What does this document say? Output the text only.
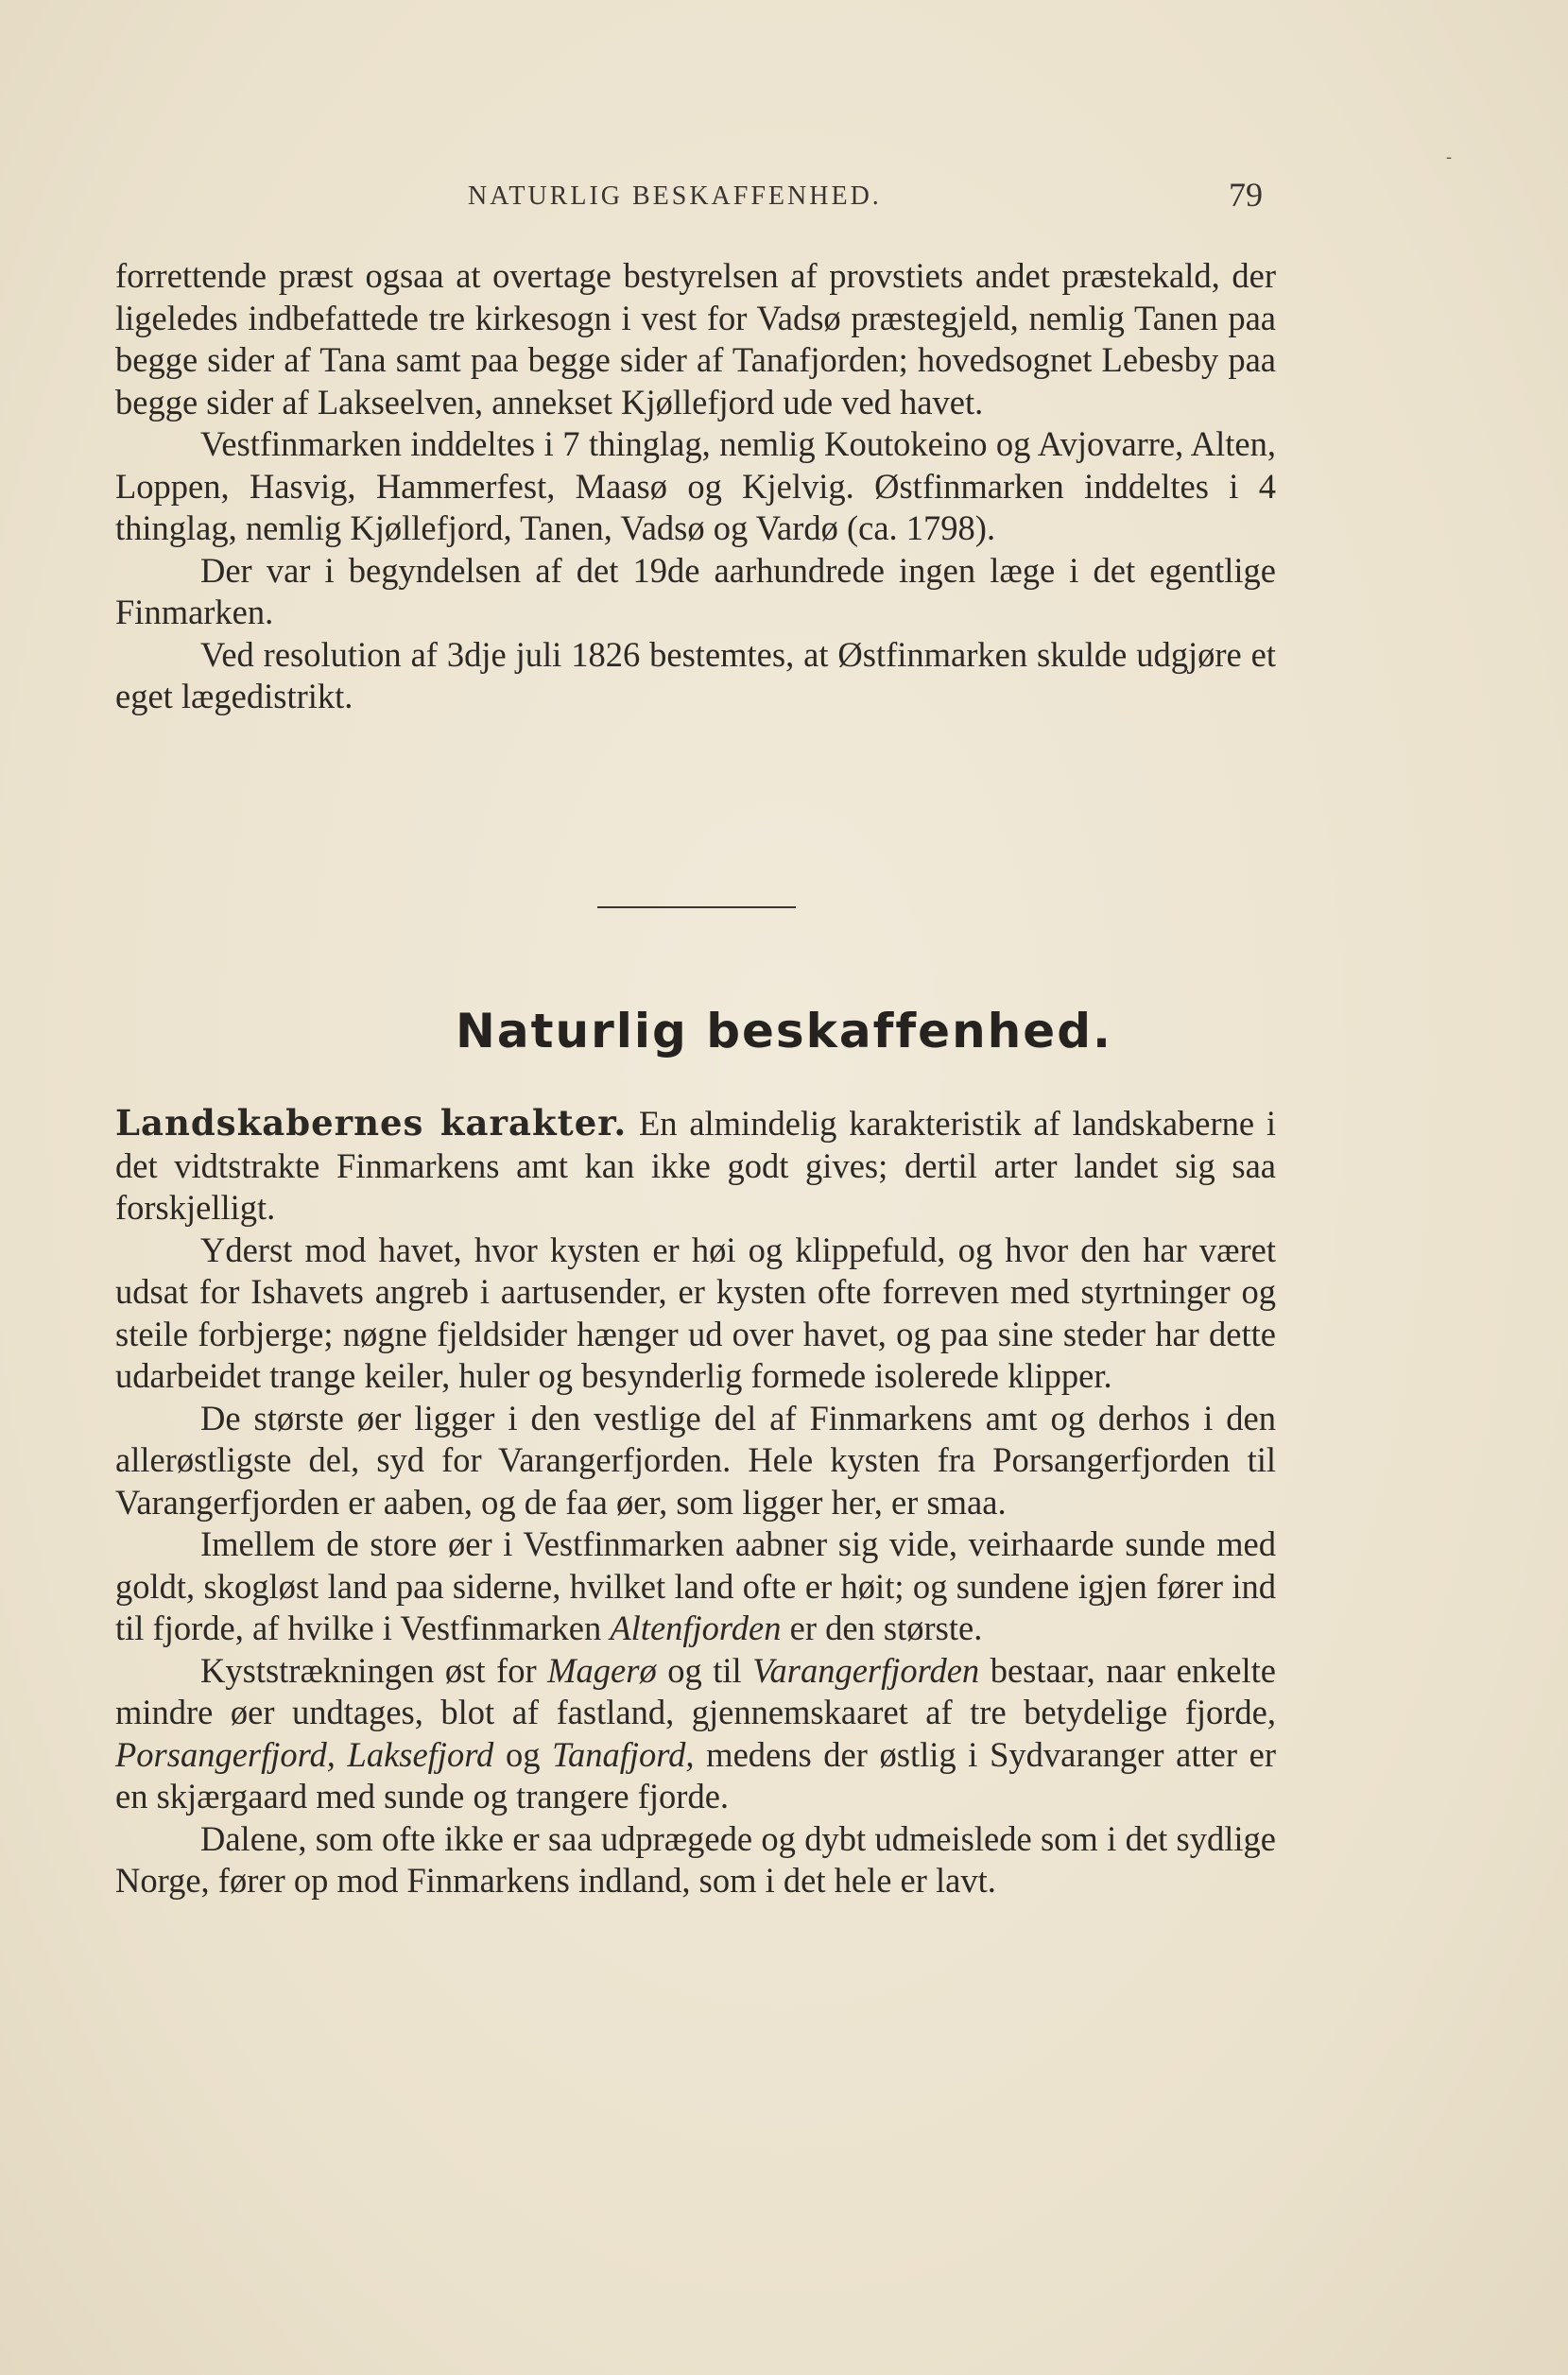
-
NATURLIG BESKAFFENHED.	79

forrettende præst ogsaa at overtage bestyrelsen af provstiets andet præstekald, der ligeledes indbefattede tre kirkesogn i vest for Vadsø præstegjeld, nemlig Tanen paa begge sider af Tana samt paa begge sider af Tanafjorden; hovedsognet Lebesby paa begge sider af Lakseelven, annekset Kjøllefjord ude ved havet.

Vestfinmarken inddeltes i 7 thinglag, nemlig Koutokeino og Avjovarre, Alten, Loppen, Hasvig, Hammerfest, Maasø og Kjelvig. Østfinmarken inddeltes i 4 thinglag, nemlig Kjøllefjord, Tanen, Vadsø og Vardø (ca. 1798).

Der var i begyndelsen af det 19de aarhundrede ingen læge i det egentlige Finmarken.

Ved resolution af 3dje juli 1826 bestemtes, at Østfinmarken skulde udgjøre et eget lægedistrikt.

Naturlig beskaffenhed.

Landskabernes karakter. En almindelig karakteristik af landskaberne i det vidtstrakte Finmarkens amt kan ikke godt gives; dertil arter landet sig saa forskjelligt.

Yderst mod havet, hvor kysten er høi og klippefuld, og hvor den har været udsat for Ishavets angreb i aartusender, er kysten ofte forreven med styrtninger og steile forbjerge; nøgne fjeldsider hænger ud over havet, og paa sine steder har dette udarbeidet trange keiler, huler og besynderlig formede isolerede klipper.

De største øer ligger i den vestlige del af Finmarkens amt og derhos i den allerøstligste del, syd for Varangerfjorden. Hele kysten fra Porsangerfjorden til Varangerfjorden er aaben, og de faa øer, som ligger her, er smaa.

Imellem de store øer i Vestfinmarken aabner sig vide, veirhaarde sunde med goldt, skogløst land paa siderne, hvilket land ofte er høit; og sundene igjen fører ind til fjorde, af hvilke i Vestfinmarken Altenfjorden er den største.

Kyststrækningen øst for Magerø og til Varangerfjorden bestaar, naar enkelte mindre øer undtages, blot af fastland, gjennemskaaret af tre betydelige fjorde, Porsangerfjord, Laksefjord og Tanafjord, medens der østlig i Sydvaranger atter er en skjærgaard med sunde og trangere fjorde.

Dalene, som ofte ikke er saa udprægede og dybt udmeislede som i det sydlige Norge, fører op mod Finmarkens indland, som i det hele er lavt.
